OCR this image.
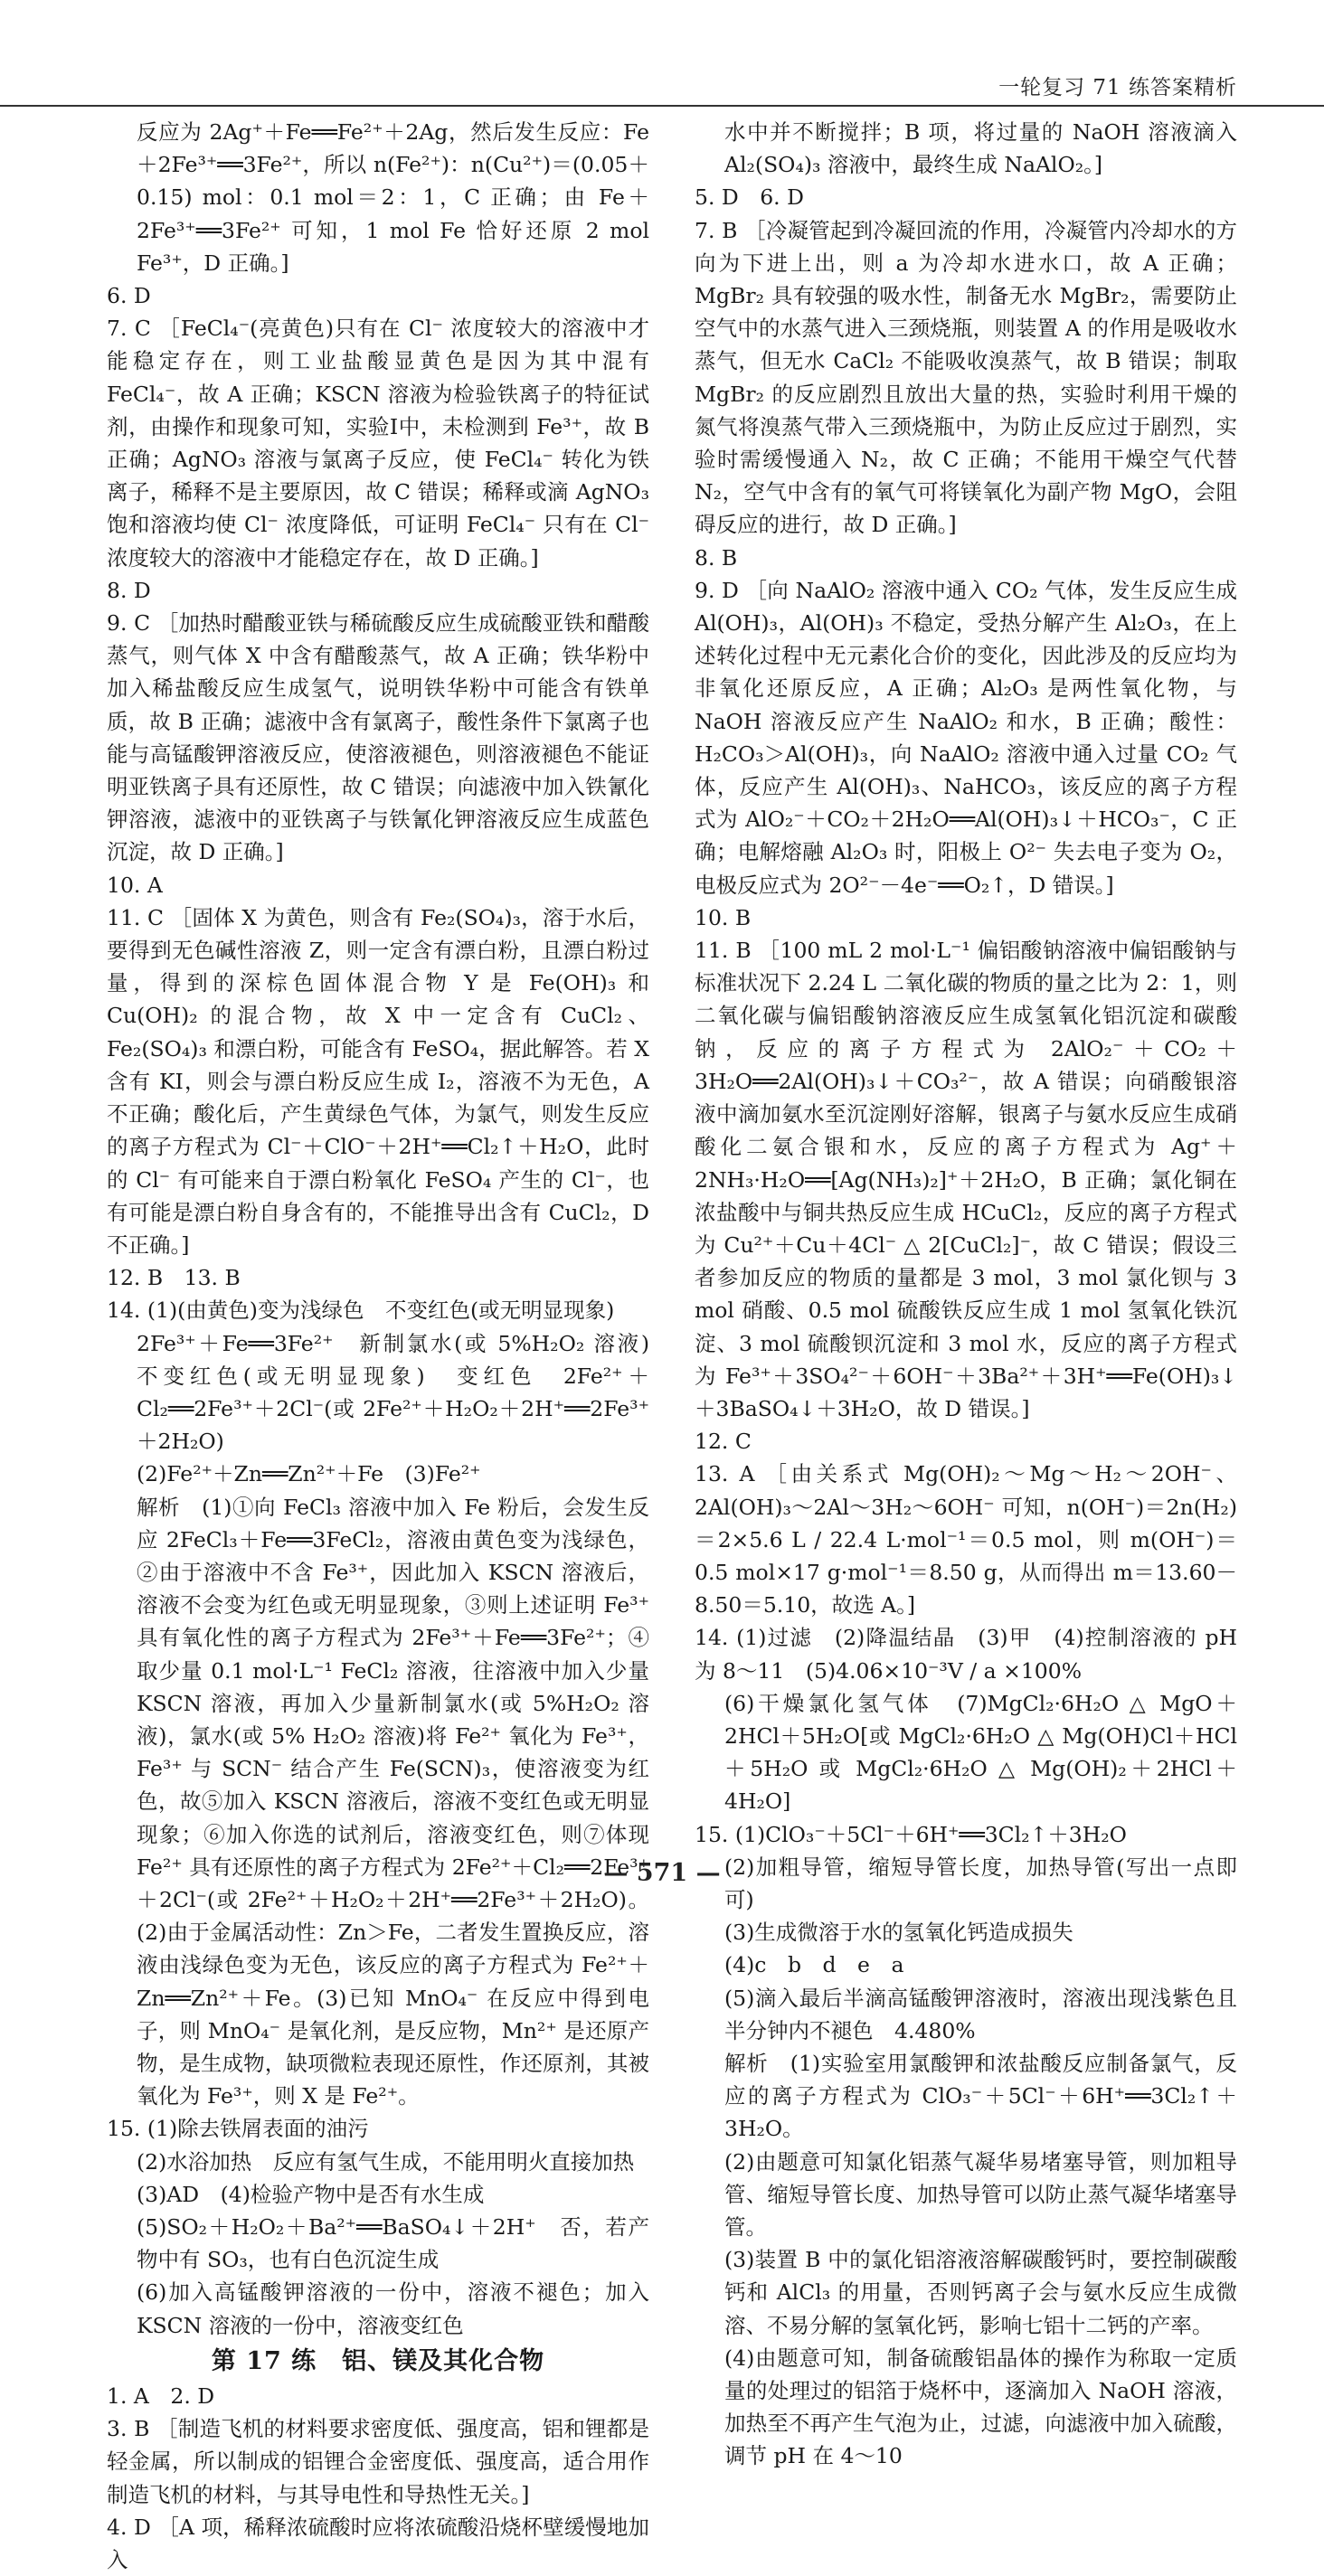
一轮复习 71 练答案精析

反应为 2Ag⁺＋Fe══Fe²⁺＋2Ag，然后发生反应：Fe＋2Fe³⁺══3Fe²⁺，所以 n(Fe²⁺)：n(Cu²⁺)＝(0.05＋0.15) mol：0.1 mol＝2：1，C 正确；由 Fe＋2Fe³⁺══3Fe²⁺ 可知，1 mol Fe 恰好还原 2 mol Fe³⁺，D 正确。]

6. D

7. C ［FeCl₄⁻(亮黄色)只有在 Cl⁻ 浓度较大的溶液中才能稳定存在，则工业盐酸显黄色是因为其中混有 FeCl₄⁻，故 A 正确；KSCN 溶液为检验铁离子的特征试剂，由操作和现象可知，实验Ⅰ中，未检测到 Fe³⁺，故 B 正确；AgNO₃ 溶液与氯离子反应，使 FeCl₄⁻ 转化为铁离子，稀释不是主要原因，故 C 错误；稀释或滴 AgNO₃ 饱和溶液均使 Cl⁻ 浓度降低，可证明 FeCl₄⁻ 只有在 Cl⁻ 浓度较大的溶液中才能稳定存在，故 D 正确。]

8. D

9. C ［加热时醋酸亚铁与稀硫酸反应生成硫酸亚铁和醋酸蒸气，则气体 X 中含有醋酸蒸气，故 A 正确；铁华粉中加入稀盐酸反应生成氢气，说明铁华粉中可能含有铁单质，故 B 正确；滤液中含有氯离子，酸性条件下氯离子也能与高锰酸钾溶液反应，使溶液褪色，则溶液褪色不能证明亚铁离子具有还原性，故 C 错误；向滤液中加入铁氰化钾溶液，滤液中的亚铁离子与铁氰化钾溶液反应生成蓝色沉淀，故 D 正确。]

10. A

11. C ［固体 X 为黄色，则含有 Fe₂(SO₄)₃，溶于水后，要得到无色碱性溶液 Z，则一定含有漂白粉，且漂白粉过量，得到的深棕色固体混合物 Y 是 Fe(OH)₃ 和 Cu(OH)₂ 的混合物，故 X 中一定含有 CuCl₂、Fe₂(SO₄)₃ 和漂白粉，可能含有 FeSO₄，据此解答。若 X 含有 KI，则会与漂白粉反应生成 I₂，溶液不为无色，A 不正确；酸化后，产生黄绿色气体，为氯气，则发生反应的离子方程式为 Cl⁻＋ClO⁻＋2H⁺══Cl₂↑＋H₂O，此时的 Cl⁻ 有可能来自于漂白粉氧化 FeSO₄ 产生的 Cl⁻，也有可能是漂白粉自身含有的，不能推导出含有 CuCl₂，D 不正确。]

12. B　13. B

14. (1)(由黄色)变为浅绿色　不变红色(或无明显现象)

2Fe³⁺＋Fe══3Fe²⁺　新制氯水(或 5%H₂O₂ 溶液)　不变红色(或无明显现象)　变红色　2Fe²⁺＋Cl₂══2Fe³⁺＋2Cl⁻(或 2Fe²⁺＋H₂O₂＋2H⁺══2Fe³⁺＋2H₂O)

(2)Fe²⁺＋Zn══Zn²⁺＋Fe　(3)Fe²⁺

解析　(1)①向 FeCl₃ 溶液中加入 Fe 粉后，会发生反应 2FeCl₃＋Fe══3FeCl₂，溶液由黄色变为浅绿色，②由于溶液中不含 Fe³⁺，因此加入 KSCN 溶液后，溶液不会变为红色或无明显现象，③则上述证明 Fe³⁺ 具有氧化性的离子方程式为 2Fe³⁺＋Fe══3Fe²⁺；④取少量 0.1 mol·L⁻¹ FeCl₂ 溶液，往溶液中加入少量 KSCN 溶液，再加入少量新制氯水(或 5%H₂O₂ 溶液)，氯水(或 5% H₂O₂ 溶液)将 Fe²⁺ 氧化为 Fe³⁺，Fe³⁺ 与 SCN⁻ 结合产生 Fe(SCN)₃，使溶液变为红色，故⑤加入 KSCN 溶液后，溶液不变红色或无明显现象；⑥加入你选的试剂后，溶液变红色，则⑦体现 Fe²⁺ 具有还原性的离子方程式为 2Fe²⁺＋Cl₂══2Fe³⁺＋2Cl⁻(或 2Fe²⁺＋H₂O₂＋2H⁺══2Fe³⁺＋2H₂O)。(2)由于金属活动性：Zn＞Fe，二者发生置换反应，溶液由浅绿色变为无色，该反应的离子方程式为 Fe²⁺＋Zn══Zn²⁺＋Fe。(3)已知 MnO₄⁻ 在反应中得到电子，则 MnO₄⁻ 是氧化剂，是反应物，Mn²⁺ 是还原产物，是生成物，缺项微粒表现还原性，作还原剂，其被氧化为 Fe³⁺，则 X 是 Fe²⁺。

15. (1)除去铁屑表面的油污

(2)水浴加热　反应有氢气生成，不能用明火直接加热

(3)AD　(4)检验产物中是否有水生成

(5)SO₂＋H₂O₂＋Ba²⁺══BaSO₄↓＋2H⁺　否，若产物中有 SO₃，也有白色沉淀生成

(6)加入高锰酸钾溶液的一份中，溶液不褪色；加入 KSCN 溶液的一份中，溶液变红色

第 17 练　铝、镁及其化合物

1. A　2. D

3. B ［制造飞机的材料要求密度低、强度高，铝和锂都是轻金属，所以制成的铝锂合金密度低、强度高，适合用作制造飞机的材料，与其导电性和导热性无关。]

4. D ［A 项，稀释浓硫酸时应将浓硫酸沿烧杯壁缓慢地加入

水中并不断搅拌；B 项，将过量的 NaOH 溶液滴入 Al₂(SO₄)₃ 溶液中，最终生成 NaAlO₂。]

5. D　6. D

7. B ［冷凝管起到冷凝回流的作用，冷凝管内冷却水的方向为下进上出，则 a 为冷却水进水口，故 A 正确；MgBr₂ 具有较强的吸水性，制备无水 MgBr₂，需要防止空气中的水蒸气进入三颈烧瓶，则装置 A 的作用是吸收水蒸气，但无水 CaCl₂ 不能吸收溴蒸气，故 B 错误；制取 MgBr₂ 的反应剧烈且放出大量的热，实验时利用干燥的氮气将溴蒸气带入三颈烧瓶中，为防止反应过于剧烈，实验时需缓慢通入 N₂，故 C 正确；不能用干燥空气代替 N₂，空气中含有的氧气可将镁氧化为副产物 MgO，会阻碍反应的进行，故 D 正确。]

8. B

9. D ［向 NaAlO₂ 溶液中通入 CO₂ 气体，发生反应生成 Al(OH)₃，Al(OH)₃ 不稳定，受热分解产生 Al₂O₃，在上述转化过程中无元素化合价的变化，因此涉及的反应均为非氧化还原反应，A 正确；Al₂O₃ 是两性氧化物，与 NaOH 溶液反应产生 NaAlO₂ 和水，B 正确；酸性：H₂CO₃＞Al(OH)₃，向 NaAlO₂ 溶液中通入过量 CO₂ 气体，反应产生 Al(OH)₃、NaHCO₃，该反应的离子方程式为 AlO₂⁻＋CO₂＋2H₂O══Al(OH)₃↓＋HCO₃⁻，C 正确；电解熔融 Al₂O₃ 时，阳极上 O²⁻ 失去电子变为 O₂，电极反应式为 2O²⁻－4e⁻══O₂↑，D 错误。]

10. B

11. B ［100 mL 2 mol·L⁻¹ 偏铝酸钠溶液中偏铝酸钠与标准状况下 2.24 L 二氧化碳的物质的量之比为 2：1，则二氧化碳与偏铝酸钠溶液反应生成氢氧化铝沉淀和碳酸钠，反应的离子方程式为 2AlO₂⁻＋CO₂＋3H₂O══2Al(OH)₃↓＋CO₃²⁻，故 A 错误；向硝酸银溶液中滴加氨水至沉淀刚好溶解，银离子与氨水反应生成硝酸化二氨合银和水，反应的离子方程式为 Ag⁺＋2NH₃·H₂O══[Ag(NH₃)₂]⁺＋2H₂O，B 正确；氯化铜在浓盐酸中与铜共热反应生成 HCuCl₂，反应的离子方程式为 Cu²⁺＋Cu＋4Cl⁻ △ 2[CuCl₂]⁻，故 C 错误；假设三者参加反应的物质的量都是 3 mol，3 mol 氯化钡与 3 mol 硝酸、0.5 mol 硫酸铁反应生成 1 mol 氢氧化铁沉淀、3 mol 硫酸钡沉淀和 3 mol 水，反应的离子方程式为 Fe³⁺＋3SO₄²⁻＋6OH⁻＋3Ba²⁺＋3H⁺══Fe(OH)₃↓＋3BaSO₄↓＋3H₂O，故 D 错误。]

12. C

13. A ［由关系式 Mg(OH)₂～Mg～H₂～2OH⁻、2Al(OH)₃～2Al～3H₂～6OH⁻ 可知，n(OH⁻)＝2n(H₂)＝2×5.6 L / 22.4 L·mol⁻¹＝0.5 mol，则 m(OH⁻)＝0.5 mol×17 g·mol⁻¹＝8.50 g，从而得出 m＝13.60－8.50＝5.10，故选 A。]

14. (1)过滤　(2)降温结晶　(3)甲　(4)控制溶液的 pH 为 8～11　(5)4.06×10⁻³V / a ×100%

(6)干燥氯化氢气体　(7)MgCl₂·6H₂O △ MgO＋2HCl＋5H₂O[或 MgCl₂·6H₂O △ Mg(OH)Cl＋HCl＋5H₂O 或 MgCl₂·6H₂O △ Mg(OH)₂＋2HCl＋4H₂O]

15. (1)ClO₃⁻＋5Cl⁻＋6H⁺══3Cl₂↑＋3H₂O

(2)加粗导管，缩短导管长度，加热导管(写出一点即可)

(3)生成微溶于水的氢氧化钙造成损失

(4)c　b　d　e　a

(5)滴入最后半滴高锰酸钾溶液时，溶液出现浅紫色且半分钟内不褪色　4.480%

解析　(1)实验室用氯酸钾和浓盐酸反应制备氯气，反应的离子方程式为 ClO₃⁻＋5Cl⁻＋6H⁺══3Cl₂↑＋3H₂O。

(2)由题意可知氯化铝蒸气凝华易堵塞导管，则加粗导管、缩短导管长度、加热导管可以防止蒸气凝华堵塞导管。

(3)装置 B 中的氯化铝溶液溶解碳酸钙时，要控制碳酸钙和 AlCl₃ 的用量，否则钙离子会与氨水反应生成微溶、不易分解的氢氧化钙，影响七铝十二钙的产率。

(4)由题意可知，制备硫酸铝晶体的操作为称取一定质量的处理过的铝箔于烧杯中，逐滴加入 NaOH 溶液，加热至不再产生气泡为止，过滤，向滤液中加入硫酸，调节 pH 在 4～10

— 571 —
